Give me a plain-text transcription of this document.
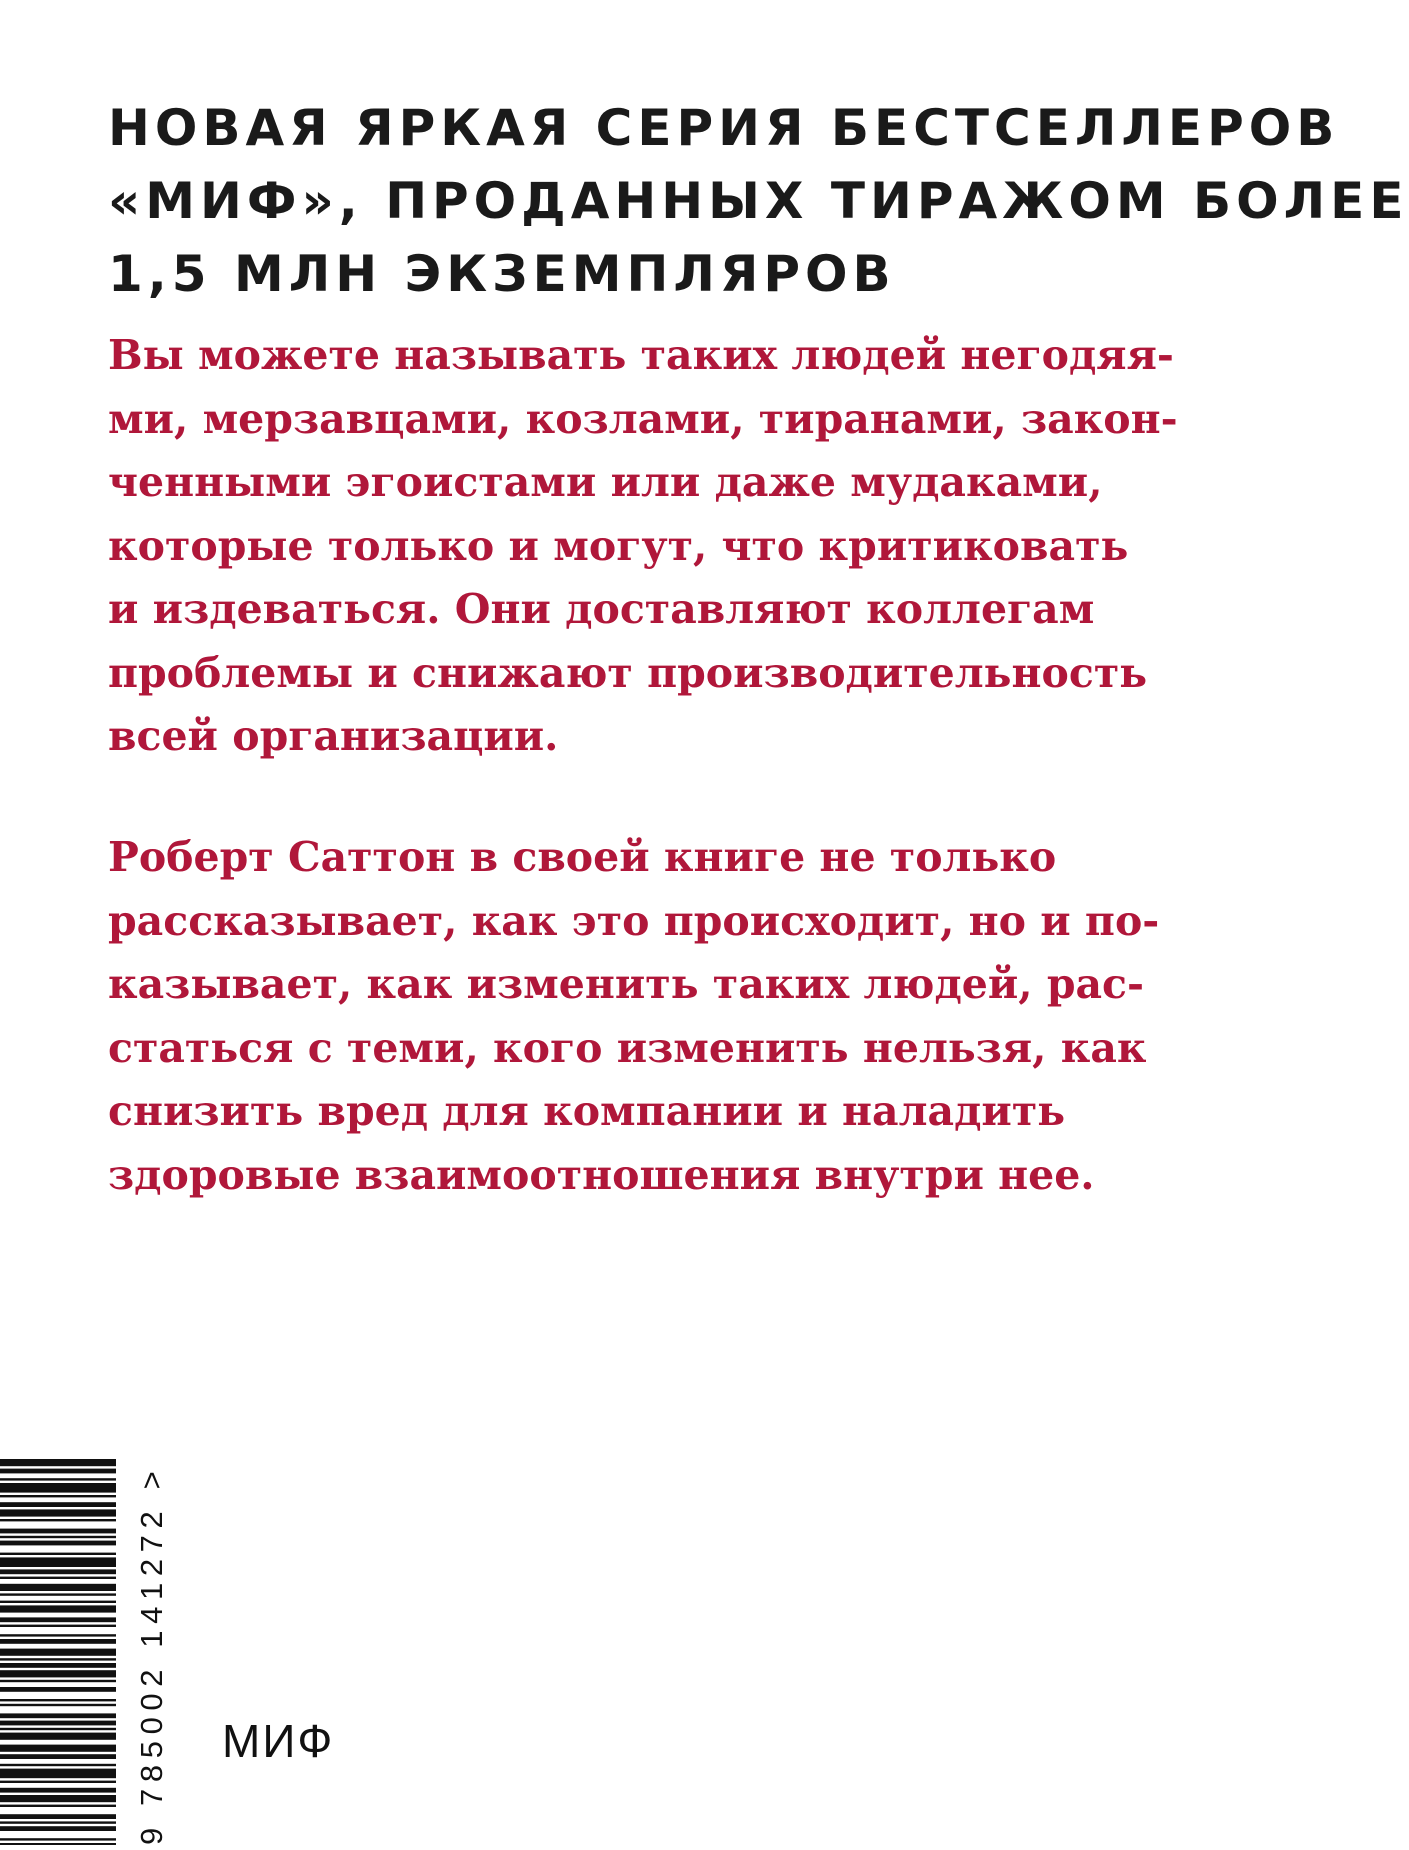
НОВАЯ ЯРКАЯ СЕРИЯ БЕСТСЕЛЛЕРОВ
«МИФ», ПРОДАННЫХ ТИРАЖОМ БОЛЕЕ
1,5 МЛН ЭКЗЕМПЛЯРОВ

Вы можете называть таких людей негодяя-
ми, мерзавцами, козлами, тиранами, закон-
ченными эгоистами или даже мудаками,
которые только и могут, что критиковать
и издеваться. Они доставляют коллегам
проблемы и снижают производительность
всей организации.

Роберт Саттон в своей книге не только
рассказывает, как это происходит, но и по-
казывает, как изменить таких людей, рас-
статься с теми, кого изменить нельзя, как
снизить вред для компании и наладить
здоровые взаимоотношения внутри нее.

9 785002 141272 > МИФ
